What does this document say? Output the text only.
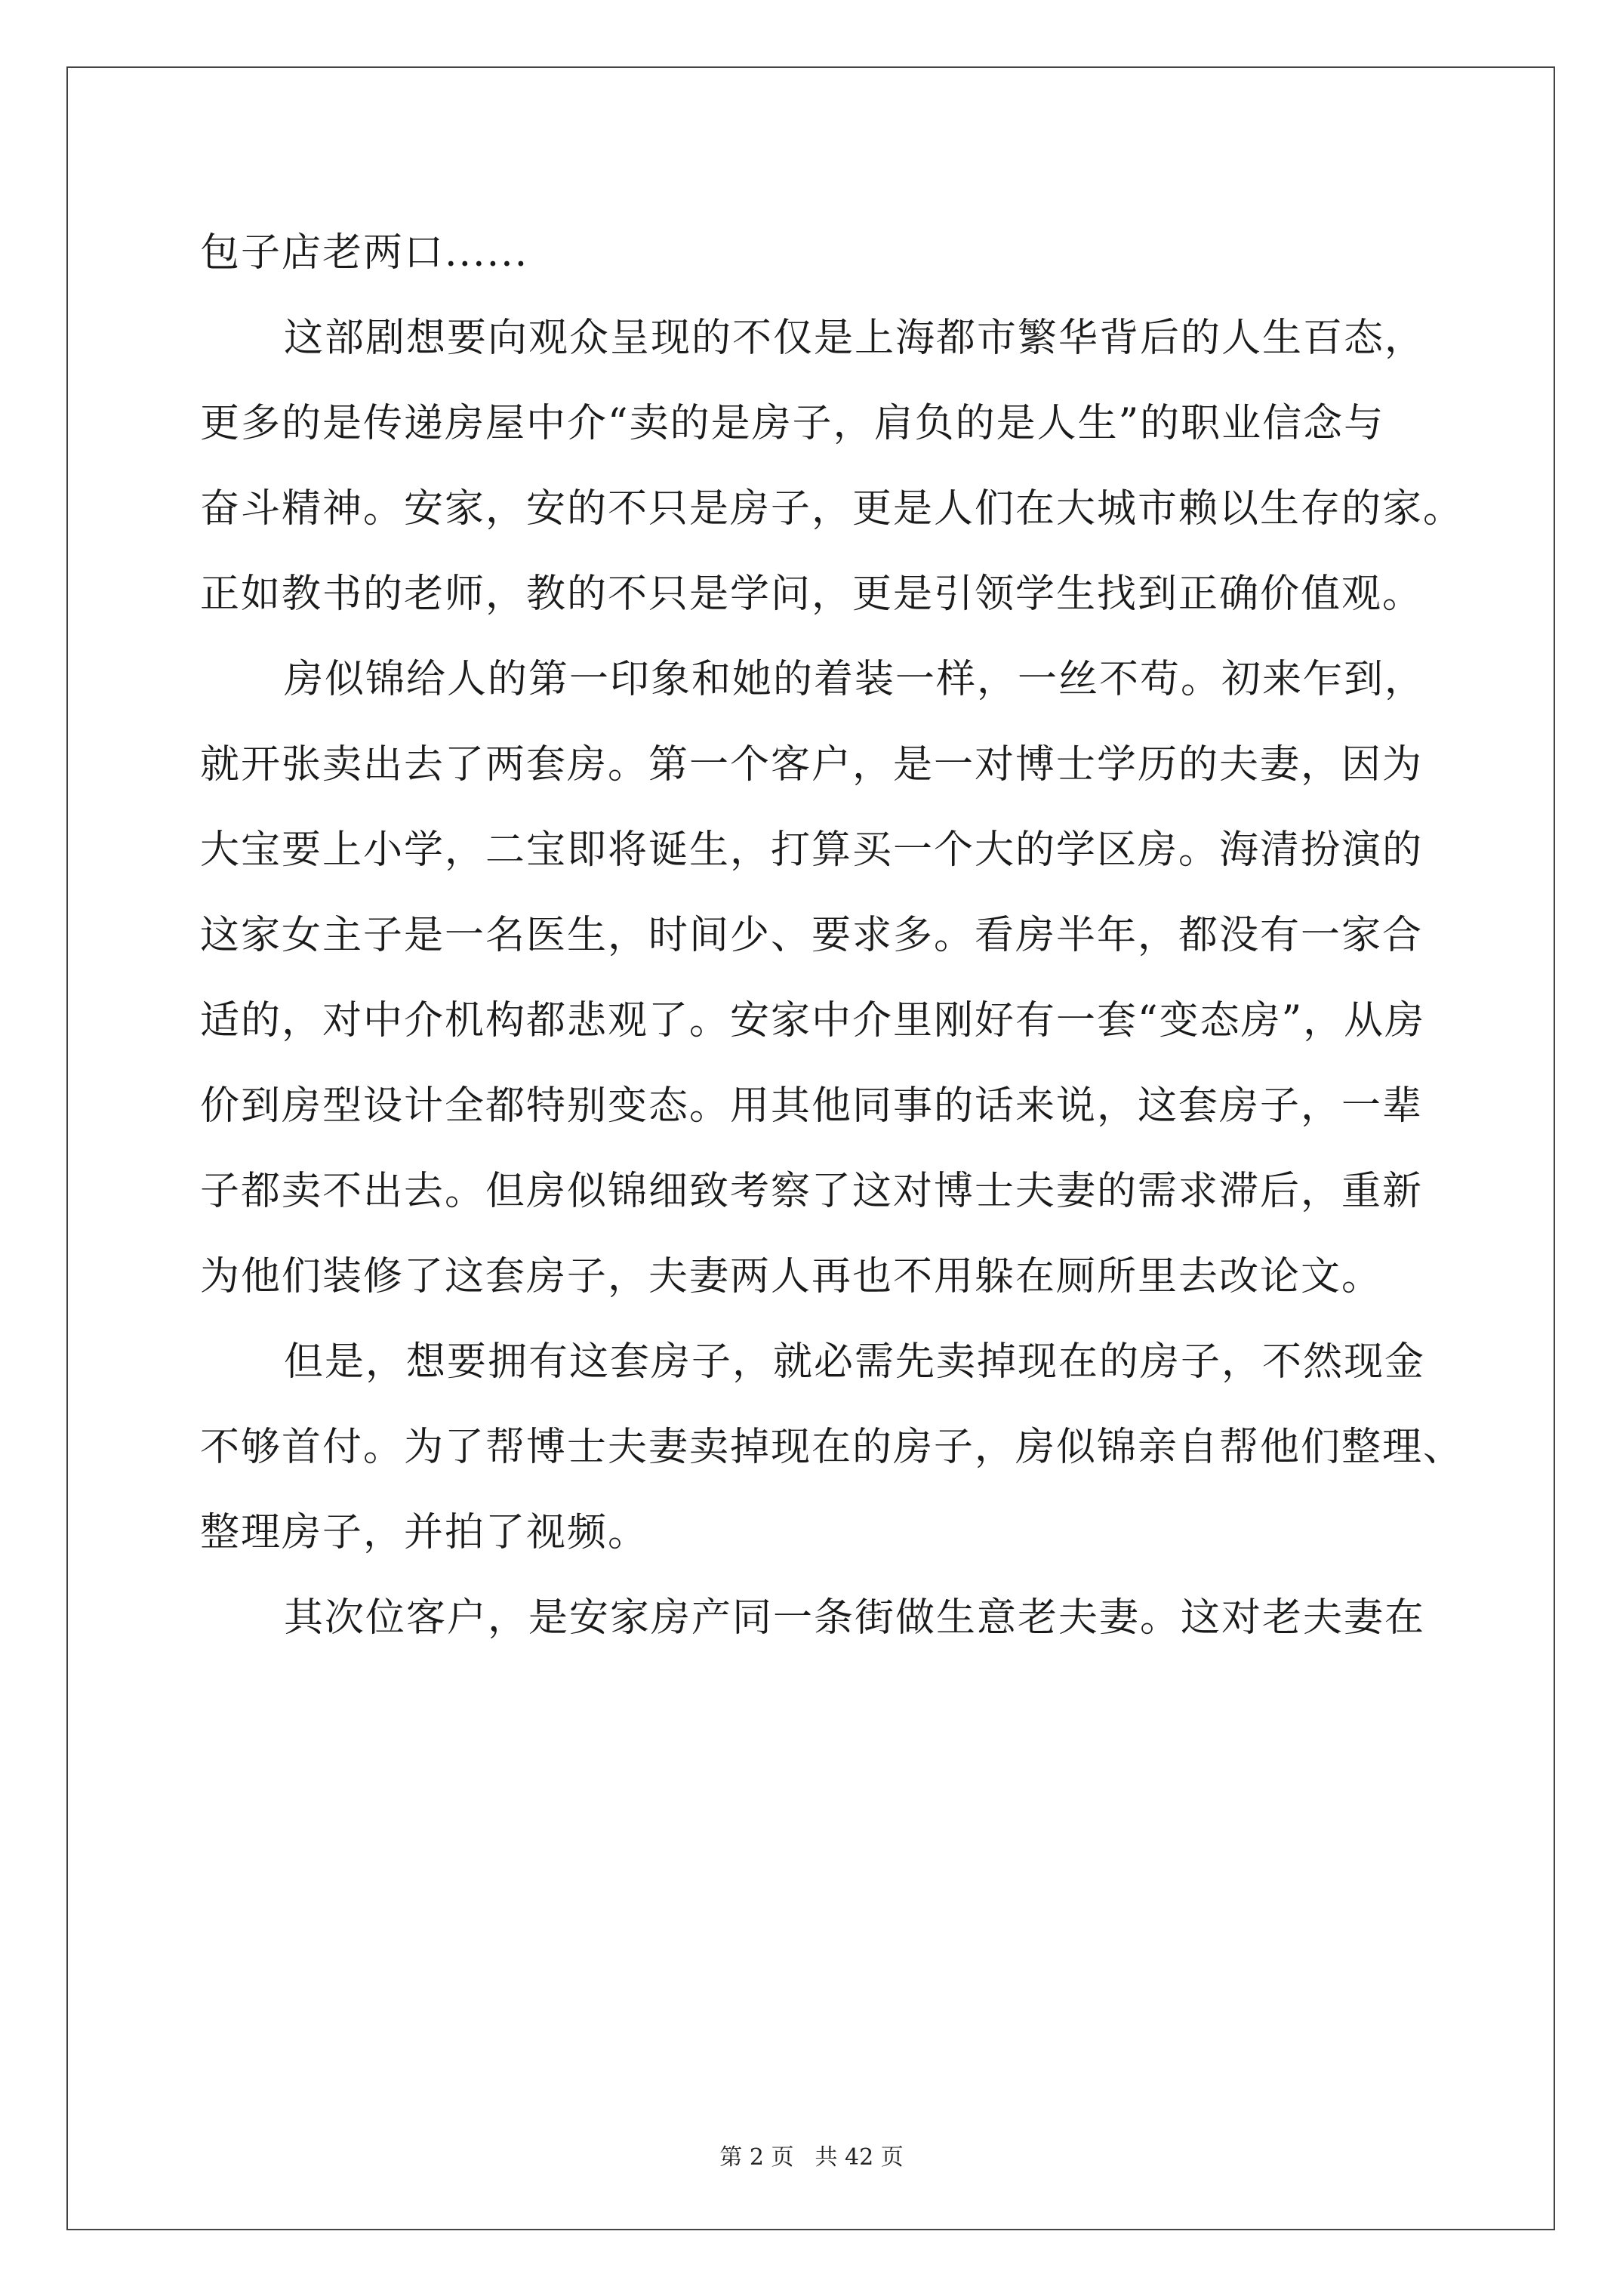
包子店老两口......

这部剧想要向观众呈现的不仅是上海都市繁华背后的人生百态，

更多的是传递房屋中介“卖的是房子，肩负的是人生”的职业信念与

奋斗精神。安家，安的不只是房子，更是人们在大城市赖以生存的家。

正如教书的老师，教的不只是学问，更是引领学生找到正确价值观。

房似锦给人的第一印象和她的着装一样，一丝不苟。初来乍到，

就开张卖出去了两套房。第一个客户，是一对博士学历的夫妻，因为

大宝要上小学，二宝即将诞生，打算买一个大的学区房。海清扮演的

这家女主子是一名医生，时间少、要求多。看房半年，都没有一家合

适的，对中介机构都悲观了。安家中介里刚好有一套“变态房”，从房

价到房型设计全都特别变态。用其他同事的话来说，这套房子，一辈

子都卖不出去。但房似锦细致考察了这对博士夫妻的需求滞后，重新

为他们装修了这套房子，夫妻两人再也不用躲在厕所里去改论文。

但是，想要拥有这套房子，就必需先卖掉现在的房子，不然现金

不够首付。为了帮博士夫妻卖掉现在的房子，房似锦亲自帮他们整理、

整理房子，并拍了视频。

其次位客户，是安家房产同一条街做生意老夫妻。这对老夫妻在

第 2 页 共 42 页
